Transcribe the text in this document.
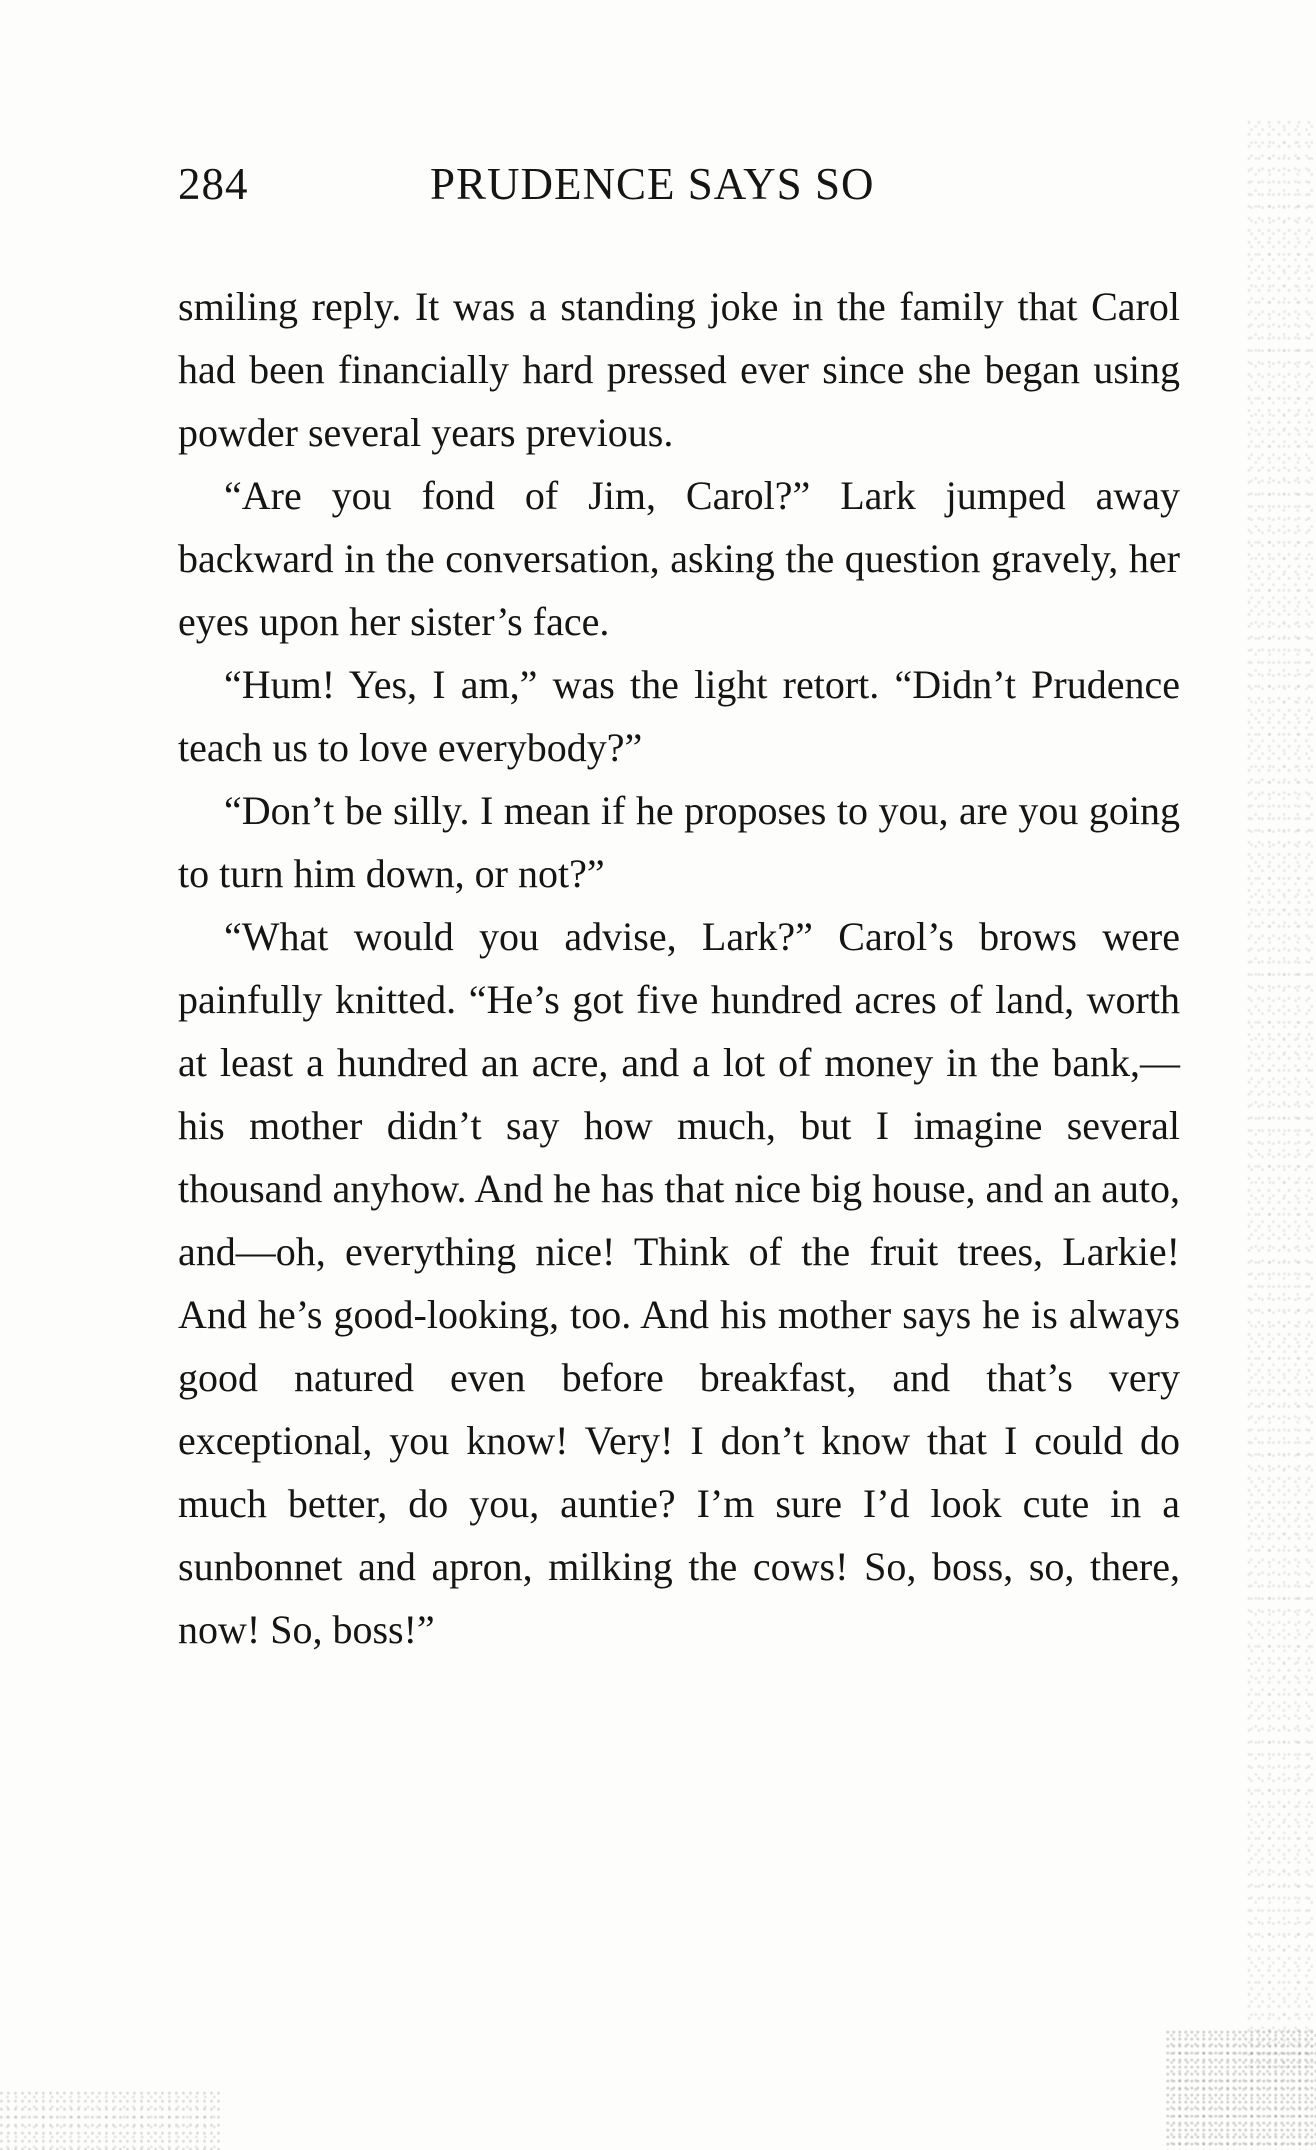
284	PRUDENCE SAYS SO

smiling reply. It was a standing joke in the family that Carol had been financially hard pressed ever since she began using powder several years previous.

“Are you fond of Jim, Carol?” Lark jumped away backward in the conversation, asking the question gravely, her eyes upon her sister’s face.

“Hum! Yes, I am,” was the light retort. “Didn’t Prudence teach us to love everybody?”

“Don’t be silly. I mean if he proposes to you, are you going to turn him down, or not?”

“What would you advise, Lark?” Carol’s brows were painfully knitted. “He’s got five hundred acres of land, worth at least a hundred an acre, and a lot of money in the bank,—his mother didn’t say how much, but I imagine several thousand anyhow. And he has that nice big house, and an auto, and—oh, everything nice! Think of the fruit trees, Larkie! And he’s good-looking, too. And his mother says he is always good natured even before breakfast, and that’s very exceptional, you know! Very! I don’t know that I could do much better, do you, auntie? I’m sure I’d look cute in a sunbonnet and apron, milking the cows! So, boss, so, there, now! So, boss!”
